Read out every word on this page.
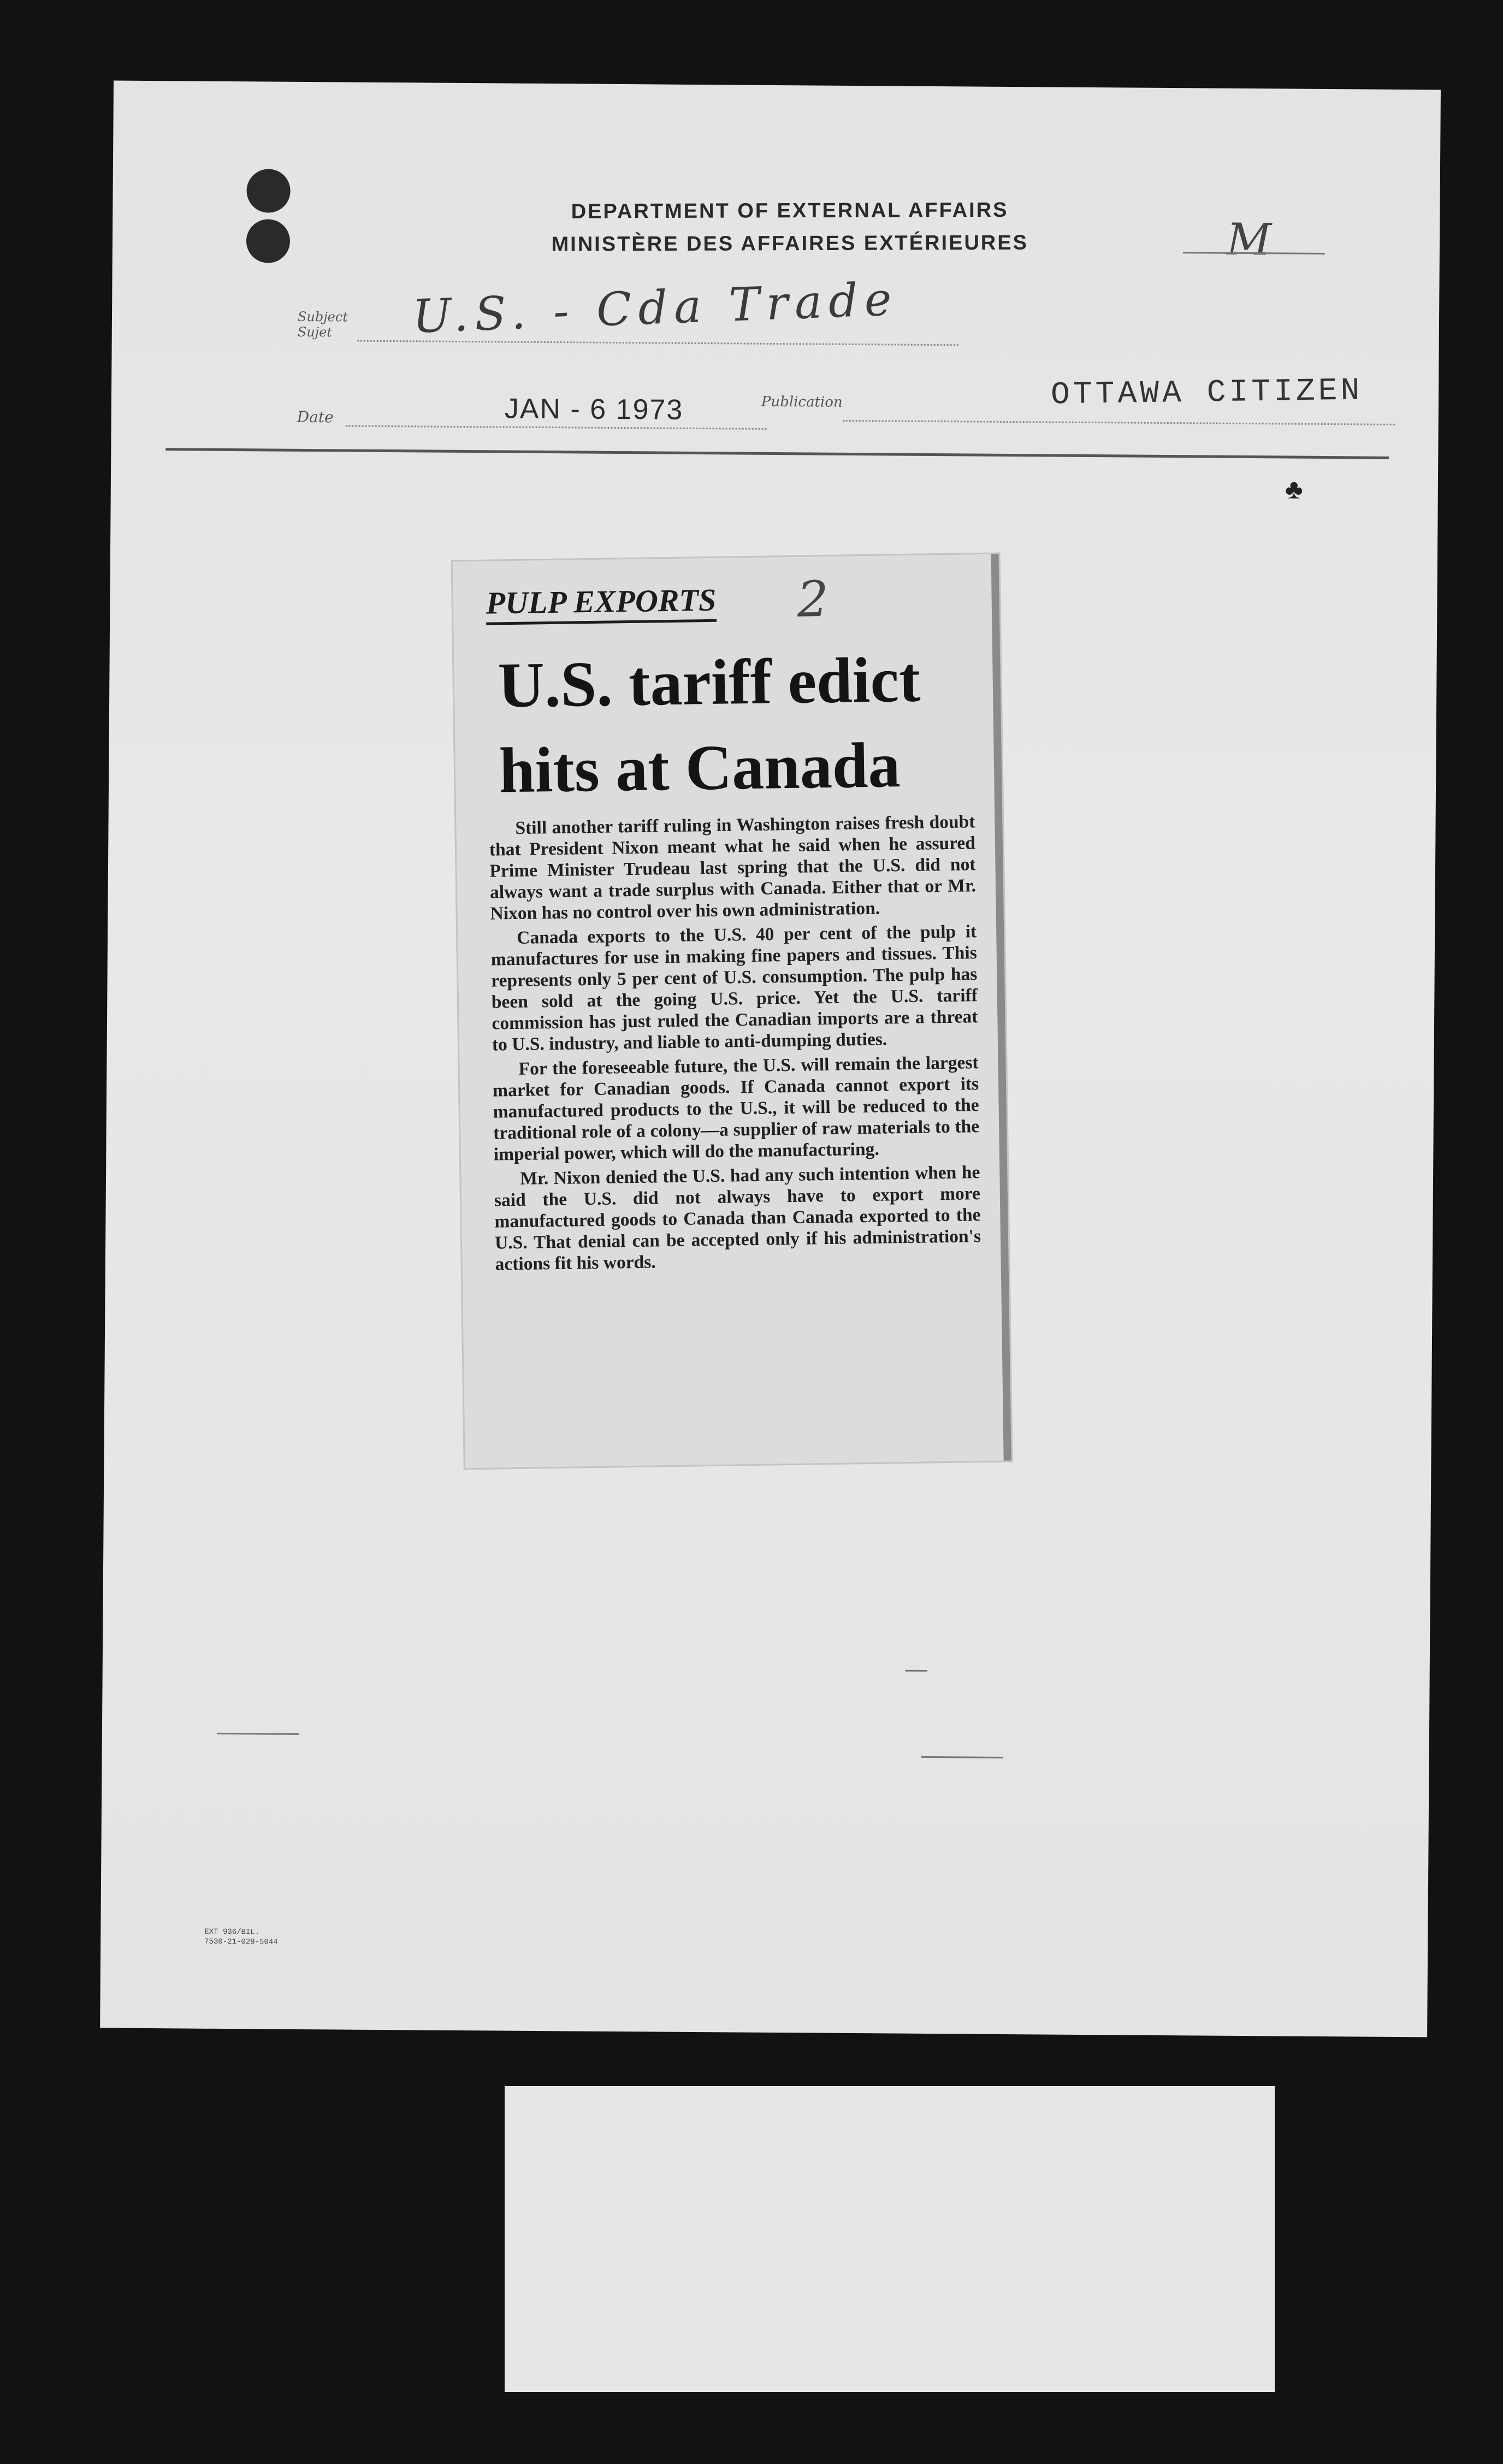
DEPARTMENT OF EXTERNAL AFFAIRS
MINISTÈRE DES AFFAIRES EXTÉRIEURES	M
Subject
Sujet	U.S. - Cda Trade
Date	JAN - 6 1973	Publication	OTTAWA CITIZEN
♣
PULP EXPORTS 2
U.S. tariff edict
hits at Canada

Still another tariff ruling in Washington raises fresh doubt that President Nixon meant what he said when he assured Prime Minister Trudeau last spring that the U.S. did not always want a trade surplus with Canada. Either that or Mr. Nixon has no control over his own administration.

Canada exports to the U.S. 40 per cent of the pulp it manufactures for use in making fine papers and tissues. This represents only 5 per cent of U.S. consumption. The pulp has been sold at the going U.S. price. Yet the U.S. tariff commission has just ruled the Canadian imports are a threat to U.S. industry, and liable to anti-dumping duties.

For the foreseeable future, the U.S. will remain the largest market for Canadian goods. If Canada cannot export its manufactured products to the U.S., it will be reduced to the traditional role of a colony—a supplier of raw materials to the imperial power, which will do the manufacturing.

Mr. Nixon denied the U.S. had any such intention when he said the U.S. did not always have to export more manufactured goods to Canada than Canada exported to the U.S. That denial can be accepted only if his administration's actions fit his words.

EXT 936/BIL.
7530-21-029-5044
